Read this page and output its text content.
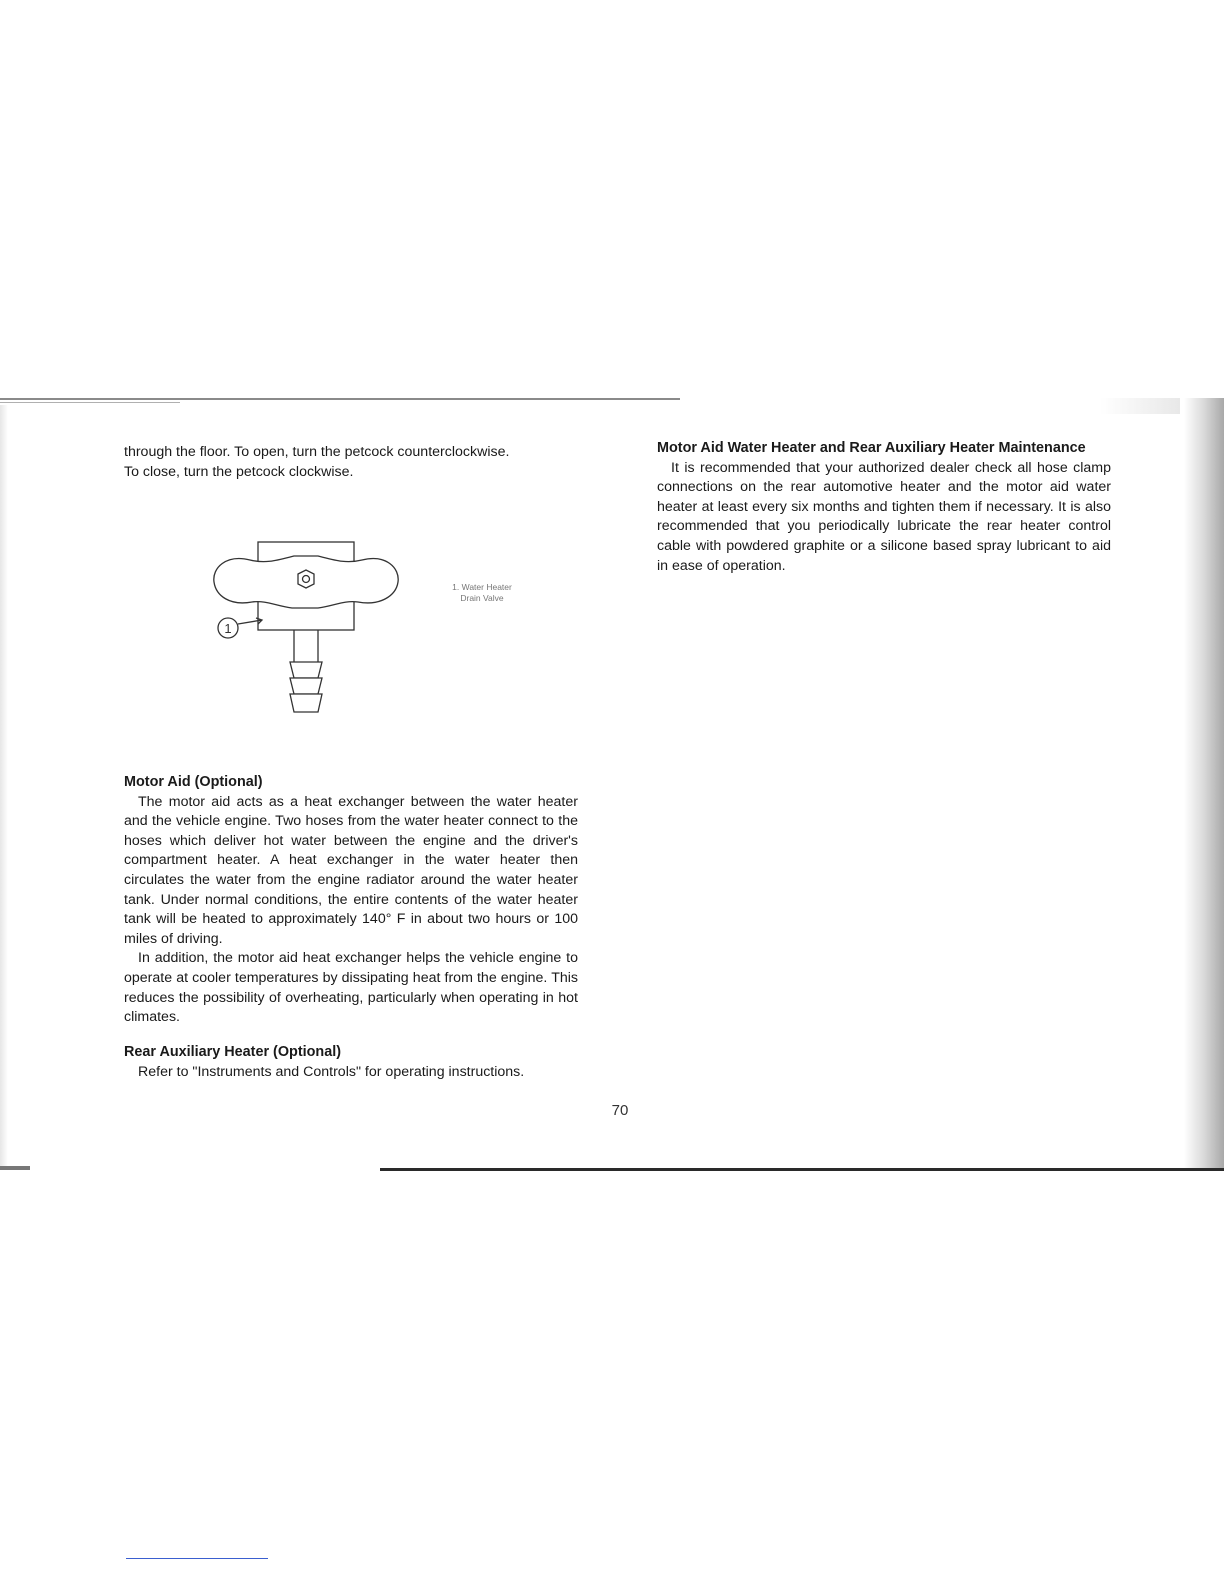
through the floor. To open, turn the petcock counterclockwise.

To close, turn the petcock clockwise.

1
1. Water Heater
Drain Valve

Motor Aid (Optional)

The motor aid acts as a heat exchanger between the water heater and the vehicle engine. Two hoses from the water heater connect to the hoses which deliver hot water between the engine and the driver's compartment heater. A heat exchanger in the water heater then circulates the water from the engine radiator around the water heater tank. Under normal conditions, the entire contents of the water heater tank will be heated to approximately 140° F in about two hours or 100 miles of driving.

In addition, the motor aid heat exchanger helps the vehicle engine to operate at cooler temperatures by dissipating heat from the engine. This reduces the possibility of overheating, particularly when operating in hot climates.

Rear Auxiliary Heater (Optional)

Refer to "Instruments and Controls" for operating instructions.

Motor Aid Water Heater and Rear Auxiliary Heater Maintenance

It is recommended that your authorized dealer check all hose clamp connections on the rear automotive heater and the motor aid water heater at least every six months and tighten them if necessary. It is also recommended that you periodically lubricate the rear heater control cable with powdered graphite or a silicone based spray lubricant to aid in ease of operation.

70
